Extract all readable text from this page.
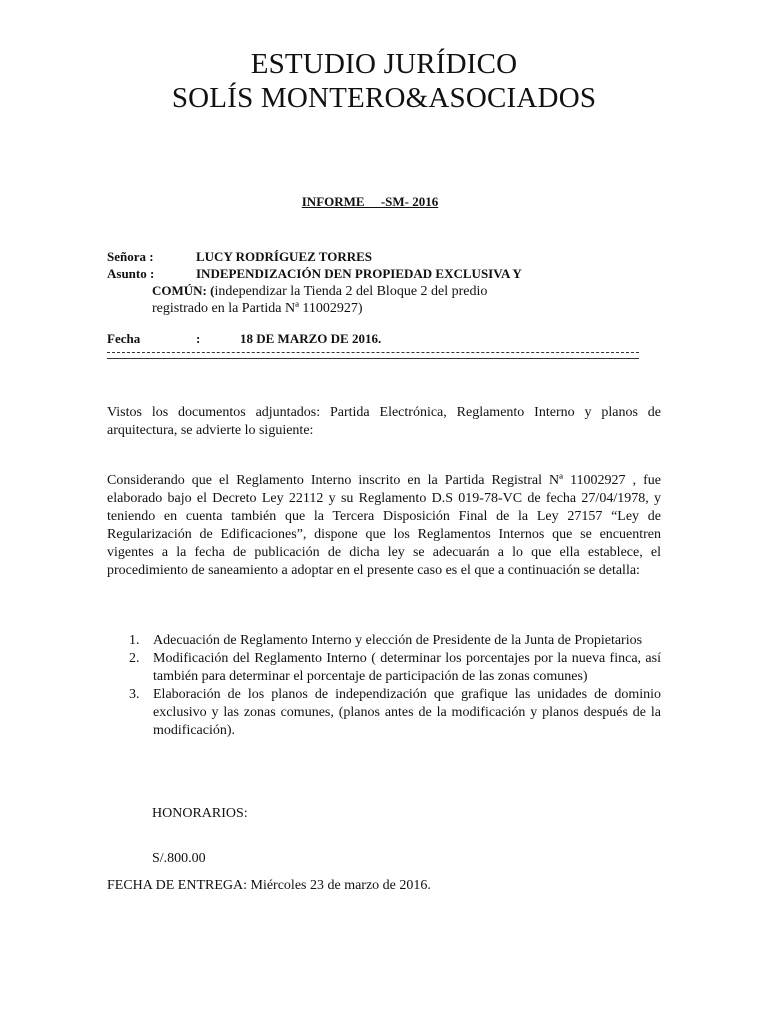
ESTUDIO JURÍDICO
SOLÍS MONTERO&ASOCIADOS
INFORME     -SM- 2016
Señora :	LUCY RODRÍGUEZ TORRES
Asunto :	INDEPENDIZACIÓN DEN PROPIEDAD EXCLUSIVA Y
COMÚN: (independizar la Tienda 2 del Bloque 2 del predio
registrado en la Partida Nª 11002927)
Fecha	:	18 DE MARZO DE 2016.
Vistos los documentos adjuntados: Partida Electrónica, Reglamento Interno y planos de arquitectura, se advierte lo siguiente:
Considerando que el Reglamento Interno inscrito en la Partida Registral Nª 11002927 , fue elaborado bajo el Decreto Ley 22112 y su Reglamento D.S 019-78-VC de fecha 27/04/1978, y teniendo en cuenta también que la Tercera Disposición Final de la Ley 27157 “Ley de Regularización de Edificaciones”, dispone que los Reglamentos Internos que se encuentren vigentes a la fecha de publicación de dicha ley se adecuarán a lo que ella establece, el procedimiento de saneamiento a adoptar en el presente caso es el que a continuación se detalla:
1. Adecuación de Reglamento Interno y elección de Presidente de la Junta de Propietarios
2. Modificación del Reglamento Interno ( determinar los porcentajes por la nueva finca, así también para determinar el porcentaje de participación de las zonas comunes)
3. Elaboración de los planos de independización que grafique las unidades de dominio exclusivo y las zonas comunes, (planos antes de la modificación y planos después de la modificación).
HONORARIOS:
S/.800.00
FECHA DE ENTREGA: Miércoles 23 de marzo de 2016.
